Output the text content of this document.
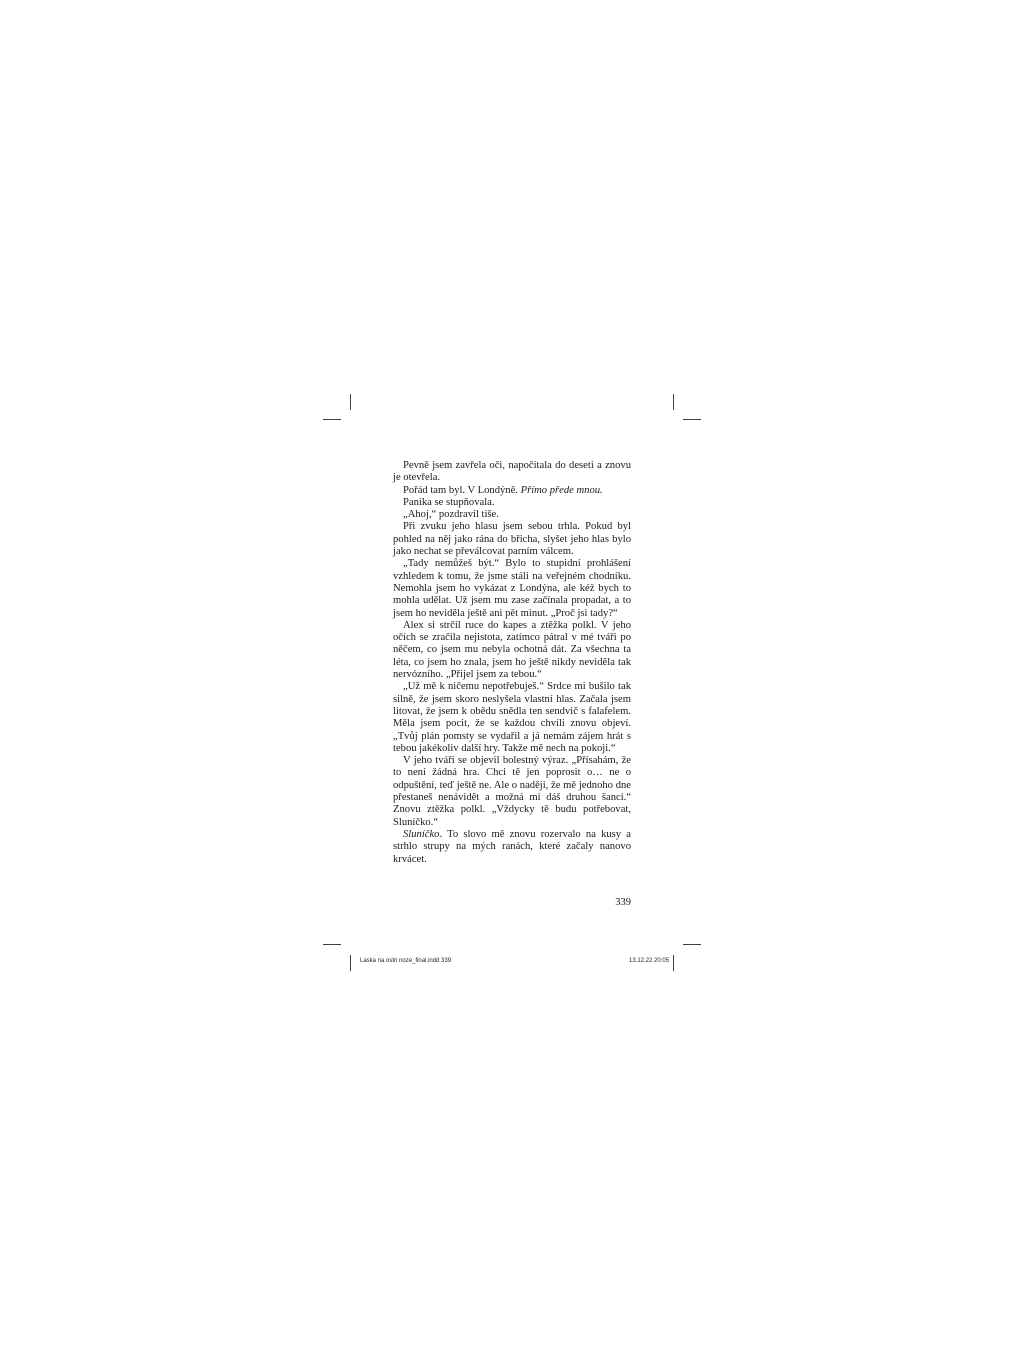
Pevně jsem zavřela oči, napočítala do deseti a znovu je otevřela.

Pořád tam byl. V Londýně. Přímo přede mnou.

Panika se stupňovala.

„Ahoj,“ pozdravil tiše.

Při zvuku jeho hlasu jsem sebou trhla. Pokud byl pohled na něj jako rána do břicha, slyšet jeho hlas bylo jako nechat se převálcovat parním válcem.

„Tady nemůžeš být.“ Bylo to stupidní prohlášení vzhledem k tomu, že jsme stáli na veřejném chodníku. Nemohla jsem ho vykázat z Londýna, ale kéž bych to mohla udělat. Už jsem mu zase začínala propadat, a to jsem ho neviděla ještě ani pět minut. „Proč jsi tady?“

Alex si strčil ruce do kapes a ztěžka polkl. V jeho očích se zračila nejistota, zatímco pátral v mé tváři po něčem, co jsem mu nebyla ochotná dát. Za všechna ta léta, co jsem ho znala, jsem ho ještě nikdy neviděla tak nervózního. „Přijel jsem za tebou.“

„Už mě k ničemu nepotřebuješ.“ Srdce mi bušilo tak silně, že jsem skoro neslyšela vlastní hlas. Začala jsem litovat, že jsem k obědu snědla ten sendvič s falafelem. Měla jsem pocit, že se každou chvíli znovu objeví. „Tvůj plán pomsty se vydařil a já nemám zájem hrát s tebou jakékoliv další hry. Takže mě nech na pokoji.“

V jeho tváři se objevil bolestný výraz. „Přísahám, že to není žádná hra. Chci tě jen poprosit o… ne o odpuštění, teď ještě ne. Ale o naději, že mě jednoho dne přestaneš nenávidět a možná mi dáš druhou šanci.“ Znovu ztěžka polkl. „Vždycky tě budu potřebovat, Sluníčko.“

Sluníčko. To slovo mě znovu rozervalo na kusy a strhlo strupy na mých ranách, které začaly nanovo krvácet.

339
Laska na ostri noze_final.indd 339	13.12.22 20:05
